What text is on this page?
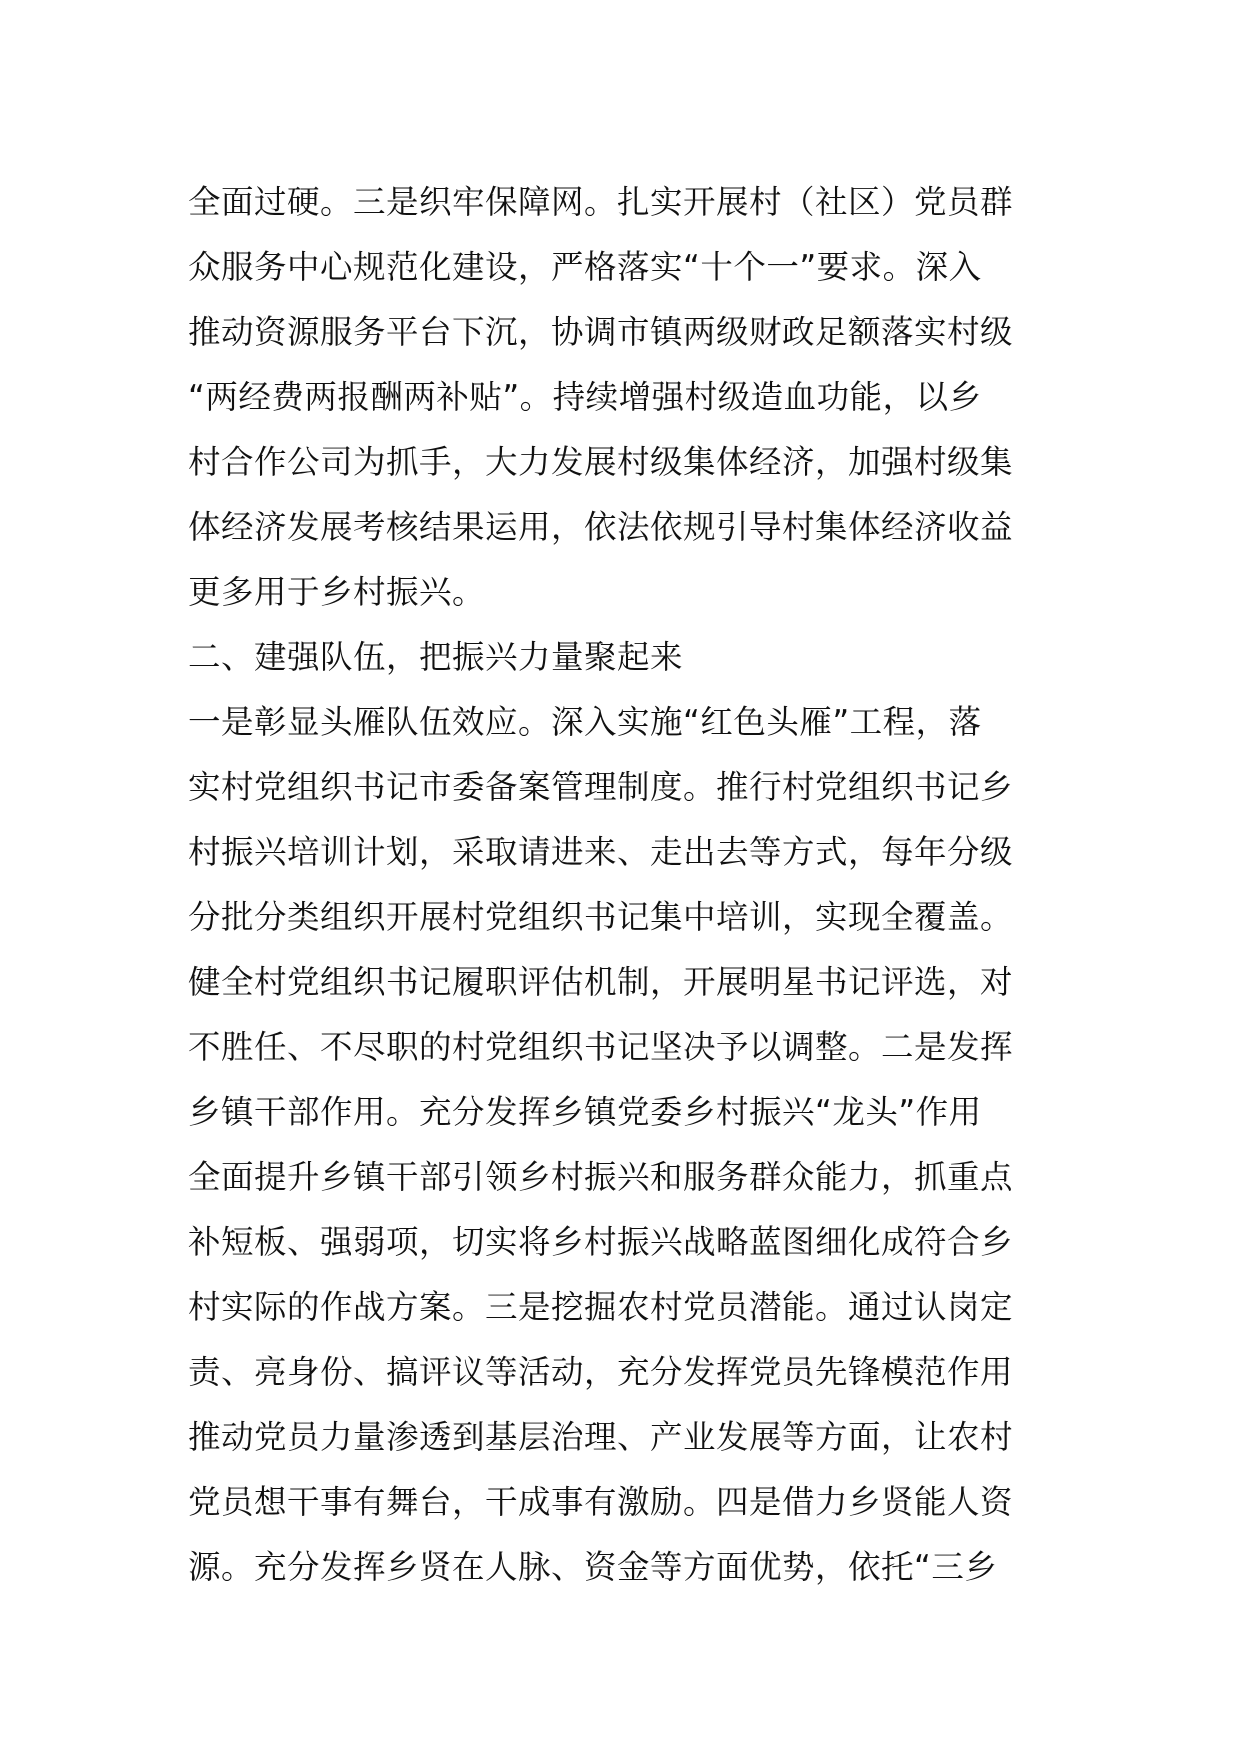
全面过硬。三是织牢保障网。扎实开展村（社区）党员群
众服务中心规范化建设，严格落实“十个一”要求。深入
推动资源服务平台下沉，协调市镇两级财政足额落实村级
“两经费两报酬两补贴”。持续增强村级造血功能，以乡
村合作公司为抓手，大力发展村级集体经济，加强村级集
体经济发展考核结果运用，依法依规引导村集体经济收益
更多用于乡村振兴。
二、建强队伍，把振兴力量聚起来
一是彰显头雁队伍效应。深入实施“红色头雁”工程，落
实村党组织书记市委备案管理制度。推行村党组织书记乡
村振兴培训计划，采取请进来、走出去等方式，每年分级
分批分类组织开展村党组织书记集中培训，实现全覆盖。
健全村党组织书记履职评估机制，开展明星书记评选，对
不胜任、不尽职的村党组织书记坚决予以调整。二是发挥
乡镇干部作用。充分发挥乡镇党委乡村振兴“龙头”作用
全面提升乡镇干部引领乡村振兴和服务群众能力，抓重点
补短板、强弱项，切实将乡村振兴战略蓝图细化成符合乡
村实际的作战方案。三是挖掘农村党员潜能。通过认岗定
责、亮身份、搞评议等活动，充分发挥党员先锋模范作用
推动党员力量渗透到基层治理、产业发展等方面，让农村
党员想干事有舞台，干成事有激励。四是借力乡贤能人资
源。充分发挥乡贤在人脉、资金等方面优势，依托“三乡
